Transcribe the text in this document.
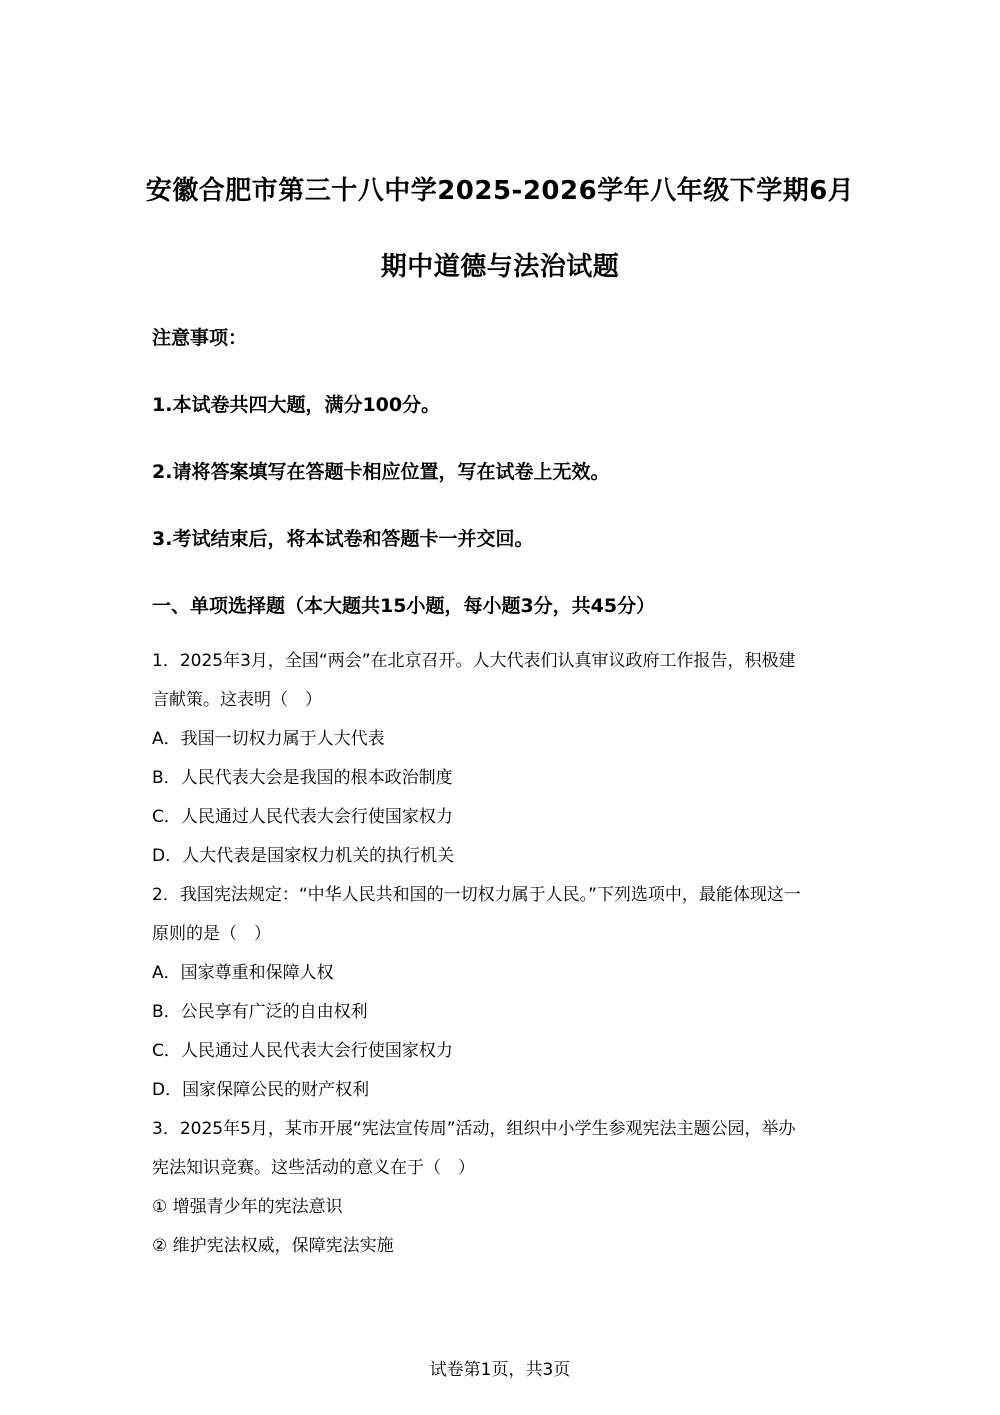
安徽合肥市第三十八中学2025-2026学年八年级下学期6月
期中道德与法治试题
注意事项：
1.本试卷共四大题，满分100分。
2.请将答案填写在答题卡相应位置，写在试卷上无效。
3.考试结束后，将本试卷和答题卡一并交回。
一、单项选择题（本大题共15小题，每小题3分，共45分）
1．2025年3月，全国“两会”在北京召开。人大代表们认真审议政府工作报告，积极建
言献策。这表明（　）
A．我国一切权力属于人大代表
B．人民代表大会是我国的根本政治制度
C．人民通过人民代表大会行使国家权力
D．人大代表是国家权力机关的执行机关
2．我国宪法规定：“中华人民共和国的一切权力属于人民。”下列选项中，最能体现这一
原则的是（　）
A．国家尊重和保障人权
B．公民享有广泛的自由权利
C．人民通过人民代表大会行使国家权力
D．国家保障公民的财产权利
3．2025年5月，某市开展“宪法宣传周”活动，组织中小学生参观宪法主题公园，举办
宪法知识竞赛。这些活动的意义在于（　）
① 增强青少年的宪法意识
② 维护宪法权威，保障宪法实施
试卷第1页，共3页
